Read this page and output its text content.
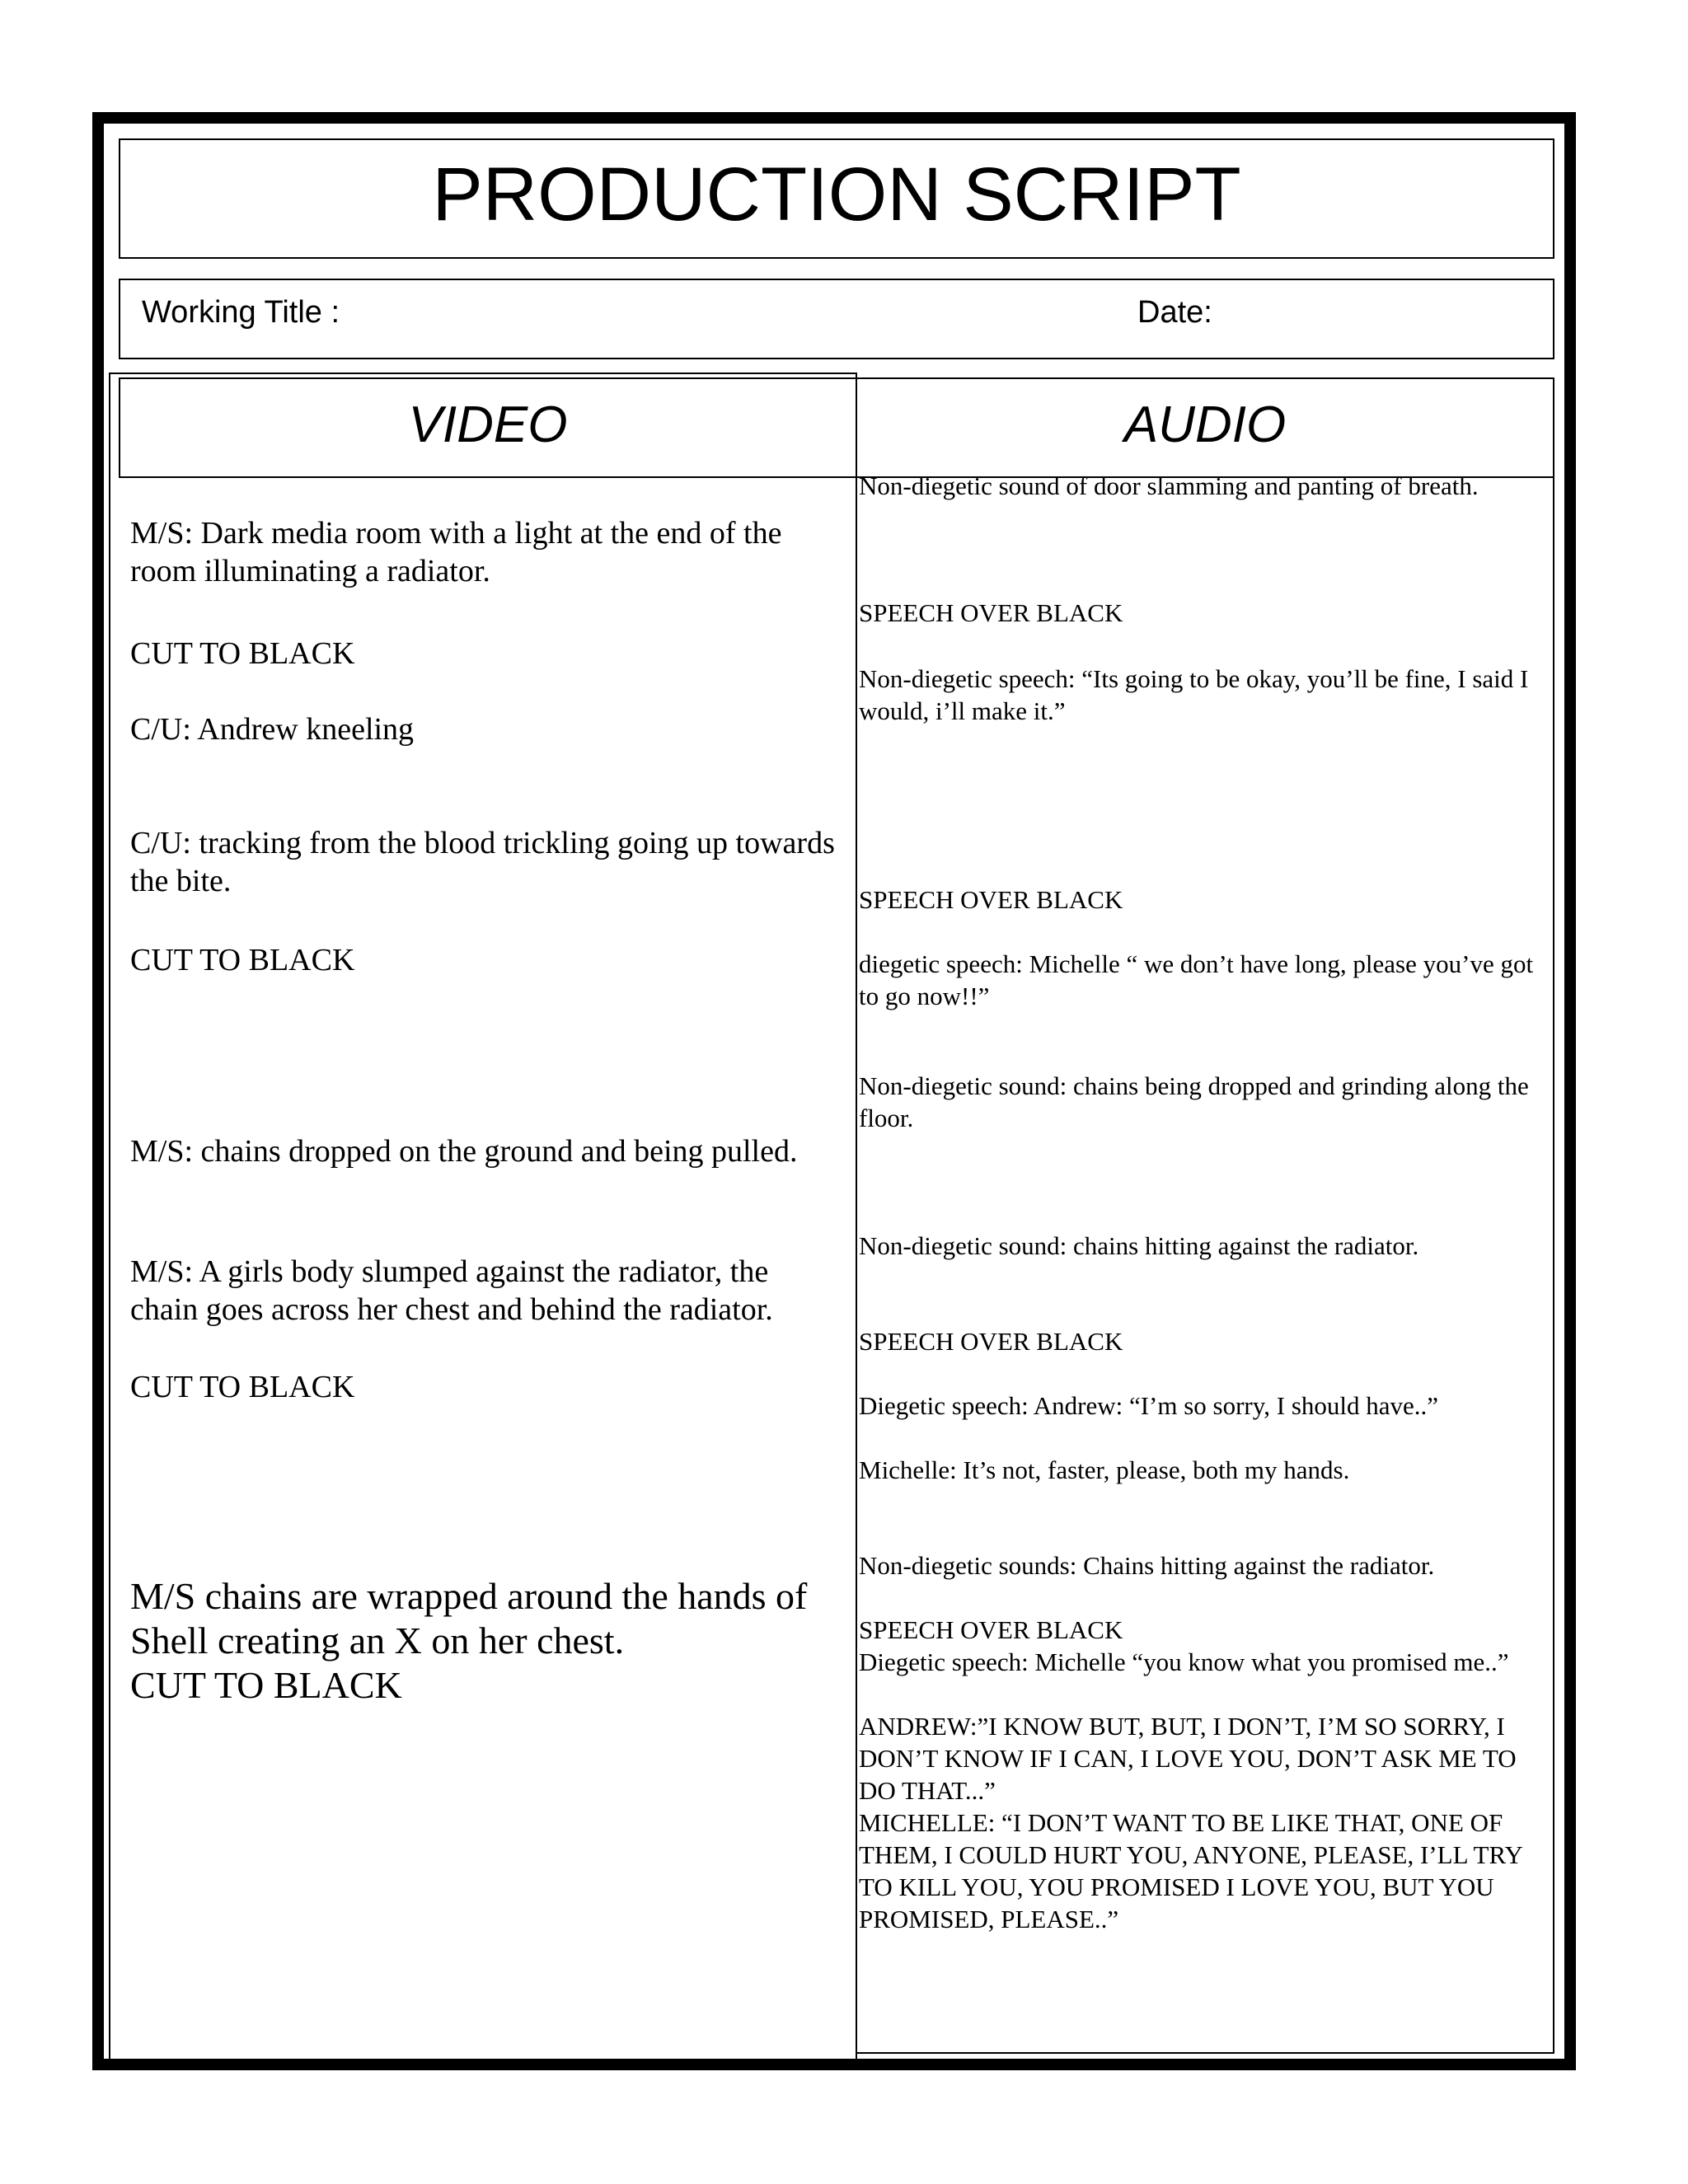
PRODUCTION SCRIPT
Working Title :	Date:
VIDEO	AUDIO

M/S: Dark media room with a light at the end of the room illuminating a radiator.

CUT TO BLACK

C/U: Andrew kneeling

C/U: tracking from the blood trickling going up towards the bite.

CUT TO BLACK

M/S: chains dropped on the ground and being pulled.

M/S: A girls body slumped against the radiator, the chain goes across her chest and behind the radiator.

CUT TO BLACK

M/S chains are wrapped around the hands of Shell creating an X on her chest.

CUT TO BLACK

Non-diegetic sound of door slamming and panting of breath.

SPEECH OVER BLACK

Non-diegetic speech: “Its going to be okay, you’ll be fine, I said I would, i’ll make it.”

SPEECH OVER BLACK

diegetic speech: Michelle “ we don’t have long, please you’ve got to go now!!”

Non-diegetic sound: chains being dropped and grinding along the floor.

Non-diegetic sound: chains hitting against the radiator.

SPEECH OVER BLACK

Diegetic speech: Andrew: “I’m so sorry, I should have..”

Michelle: It’s not, faster, please, both my hands.

Non-diegetic sounds: Chains hitting against the radiator.

SPEECH OVER BLACK

Diegetic speech: Michelle “you know what you promised me..”

ANDREW:”I KNOW BUT, BUT, I DON’T, I’M SO SORRY, I DON’T KNOW IF I CAN, I LOVE YOU, DON’T ASK ME TO DO THAT...”

MICHELLE: “I DON’T WANT TO BE LIKE THAT, ONE OF THEM, I COULD HURT YOU, ANYONE, PLEASE, I’LL TRY TO KILL YOU, YOU PROMISED I LOVE YOU, BUT YOU PROMISED, PLEASE..”
